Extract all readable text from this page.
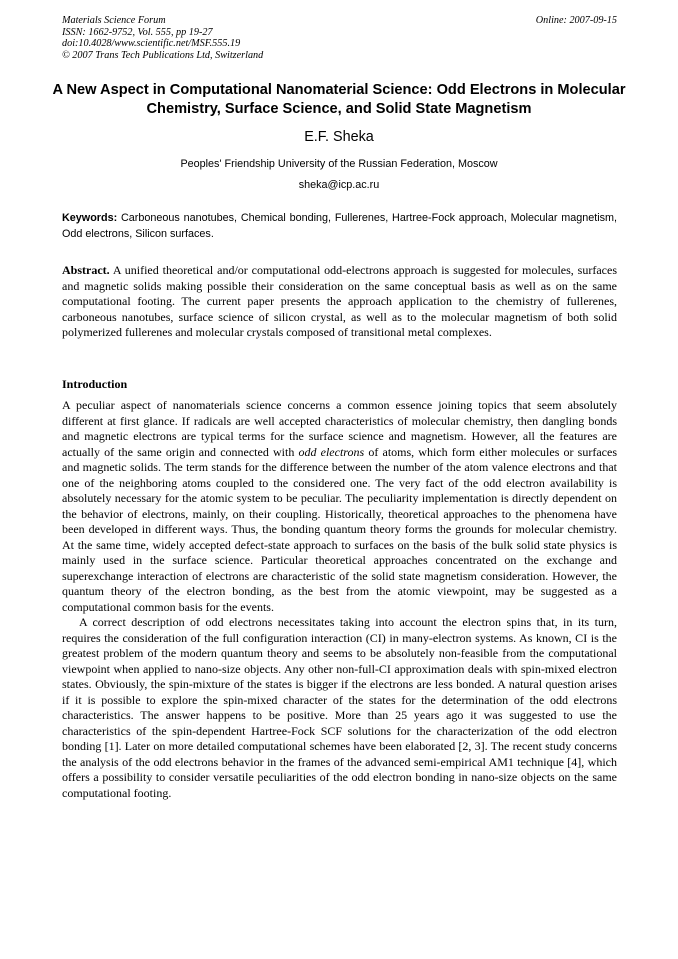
Materials Science Forum
ISSN: 1662-9752, Vol. 555, pp 19-27
doi:10.4028/www.scientific.net/MSF.555.19
© 2007 Trans Tech Publications Ltd, Switzerland
Online: 2007-09-15
A New Aspect in Computational Nanomaterial Science: Odd Electrons in Molecular Chemistry, Surface Science, and Solid State Magnetism
E.F. Sheka
Peoples' Friendship University of the Russian Federation, Moscow
sheka@icp.ac.ru
Keywords: Carboneous nanotubes, Chemical bonding, Fullerenes, Hartree-Fock approach, Molecular magnetism, Odd electrons, Silicon surfaces.
Abstract. A unified theoretical and/or computational odd-electrons approach is suggested for molecules, surfaces and magnetic solids making possible their consideration on the same conceptual basis as well as on the same computational footing. The current paper presents the approach application to the chemistry of fullerenes, carboneous nanotubes, surface science of silicon crystal, as well as to the molecular magnetism of both solid polymerized fullerenes and molecular crystals composed of transitional metal complexes.
Introduction

A peculiar aspect of nanomaterials science concerns a common essence joining topics that seem absolutely different at first glance. If radicals are well accepted characteristics of molecular chemistry, then dangling bonds and magnetic electrons are typical terms for the surface science and magnetism. However, all the features are actually of the same origin and connected with odd electrons of atoms, which form either molecules or surfaces and magnetic solids. The term stands for the difference between the number of the atom valence electrons and that one of the neighboring atoms coupled to the considered one. The very fact of the odd electron availability is absolutely necessary for the atomic system to be peculiar. The peculiarity implementation is directly dependent on the behavior of electrons, mainly, on their coupling. Historically, theoretical approaches to the phenomena have been developed in different ways. Thus, the bonding quantum theory forms the grounds for molecular chemistry. At the same time, widely accepted defect-state approach to surfaces on the basis of the bulk solid state physics is mainly used in the surface science. Particular theoretical approaches concentrated on the exchange and superexchange interaction of electrons are characteristic of the solid state magnetism consideration. However, the quantum theory of the electron bonding, as the best from the atomic viewpoint, may be suggested as a computational common basis for the events.

A correct description of odd electrons necessitates taking into account the electron spins that, in its turn, requires the consideration of the full configuration interaction (CI) in many-electron systems. As known, CI is the greatest problem of the modern quantum theory and seems to be absolutely non-feasible from the computational viewpoint when applied to nano-size objects. Any other non-full-CI approximation deals with spin-mixed electron states. Obviously, the spin-mixture of the states is bigger if the electrons are less bonded. A natural question arises if it is possible to explore the spin-mixed character of the states for the determination of the odd electrons characteristics. The answer happens to be positive. More than 25 years ago it was suggested to use the characteristics of the spin-dependent Hartree-Fock SCF solutions for the characterization of the odd electron bonding [1]. Later on more detailed computational schemes have been elaborated [2, 3]. The recent study concerns the analysis of the odd electrons behavior in the frames of the advanced semi-empirical AM1 technique [4], which offers a possibility to consider versatile peculiarities of the odd electron bonding in nano-size objects on the same computational footing.
